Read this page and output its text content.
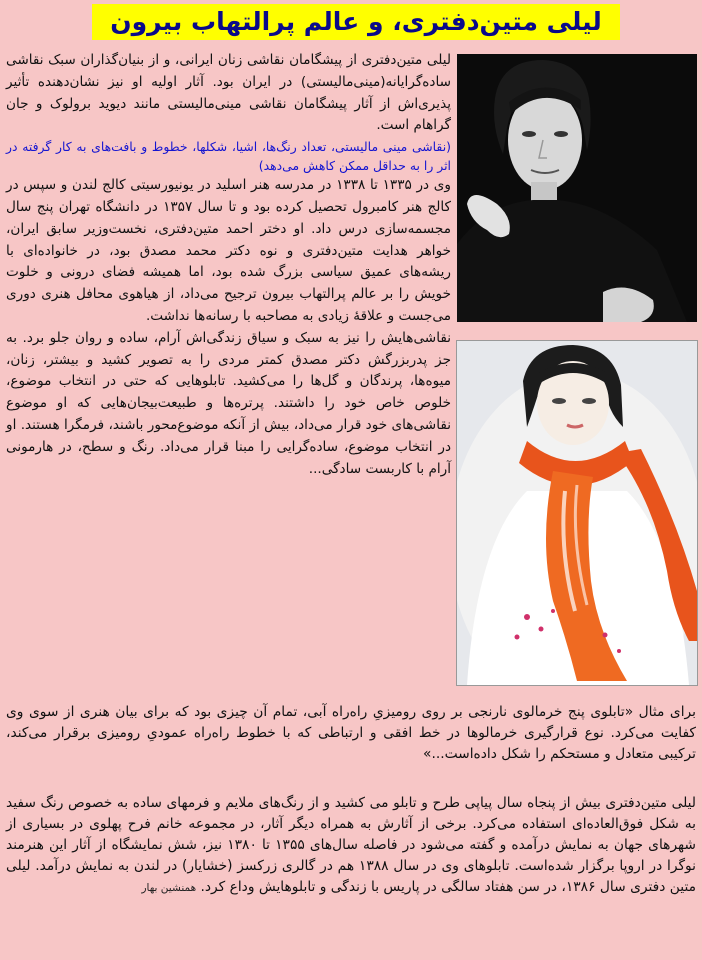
لیلی متین‌دفتری، و عالم پرالتهاب بیرون

لیلی متین‌دفتری از پیشگامان نقاشی زنان ایرانی، و از بنیان‌گذاران سبک نقاشی ساده‌گرایانه(مینی‌مالیستی) در ایران بود. آثار اولیه او نیز نشان‌دهنده تأثیر پذیری‌اش از آثار پیشگامان نقاشی مینی‌مالیستی مانند دیوید برولوک و جان گراهام است.

(نقاشی مینی مالیستی، تعداد رنگ‌ها، اشیا، شکلها، خطوط و بافت‌های به کار گرفته در اثر را به حداقل ممکن کاهش می‌دهد)

وی در ۱۳۳۵ تا ۱۳۳۸ در مدرسه هنر اسلید در یونیورسیتی کالج لندن و سپس در کالج هنر کامبرول تحصیل کرده بود و تا سال ۱۳۵۷ در دانشگاه تهران پنج سال مجسمه‌سازی درس داد. او دختر احمد متین‌دفتری، نخست‌وزیر سابق ایران، خواهر هدایت متین‌دفتری و نوه دکتر محمد مصدق بود، در خانواده‌ای با ریشه‌های عمیق سیاسی بزرگ شده بود، اما همیشه فضای درونی و خلوت خویش را بر عالم پرالتهاب بیرون ترجیح می‌داد، از هیاهوی محافل هنری دوری می‌جست و علاقهٔ زیادی به مصاحبه با رسانه‌ها نداشت.

نقاشی‌هایش را نیز به سبک و سیاق زندگی‌اش آرام، ساده و روان جلو برد. به جز پدربزرگش دکتر مصدق کمتر مردی را به تصویر کشید و بیشتر، زنان، میوه‌ها، پرندگان و گل‌ها را می‌کشید. تابلوهایی که حتی در انتخاب موضوع، خلوص خاص خود را داشتند. پرتره‌ها و طبیعت‌بیجان‌هایی که او موضوع نقاشی‌های خود قرار می‌داد، بیش از آنکه موضوع‌محور باشند، فرمگرا هستند. او در انتخاب موضوع، ساده‌گرایی را مبنا قرار می‌داد. رنگ و سطح، در هارمونی آرام با کاربست سادگی...

برای مثال «تابلوی پنج خرمالوی نارنجی بر روی رومیزیِ راه‌راه آبی، تمام آن چیزی بود که برای بیان هنری از سوی وی کفایت می‌کرد. نوع قرارگیری خرمالوها در خط افقی و ارتباطی که با خطوط راه‌راه عمودیِ رومیزی برقرار می‌کند، ترکیبی متعادل و مستحکم را شکل داده‌است...»

لیلی متین‌دفتری بیش از پنجاه سال پیاپی طرح و تابلو می کشید و از رنگ‌های ملایم و فرمهای ساده به خصوص رنگ سفید به شکل فوق‌العاده‌ای استفاده می‌کرد. برخی از آثارش به همراه دیگر آثار، در مجموعه خانم فرح پهلوی در بسیاری از شهرهای جهان به نمایش درآمده و گفته می‌شود در فاصله سال‌های ۱۳۵۵ تا ۱۳۸۰ نیز، شش نمایشگاه از آثار این هنرمند نوگرا در اروپا برگزار شده‌است. تابلوهای وی در سال ۱۳۸۸ هم در گالری زرکسز (خشایار) در لندن به نمایش درآمد. لیلی متین دفتری سال ۱۳۸۶، در سن هفتاد سالگی در پاریس با زندگی و تابلوهایش وداع کرد. همنشین بهار
